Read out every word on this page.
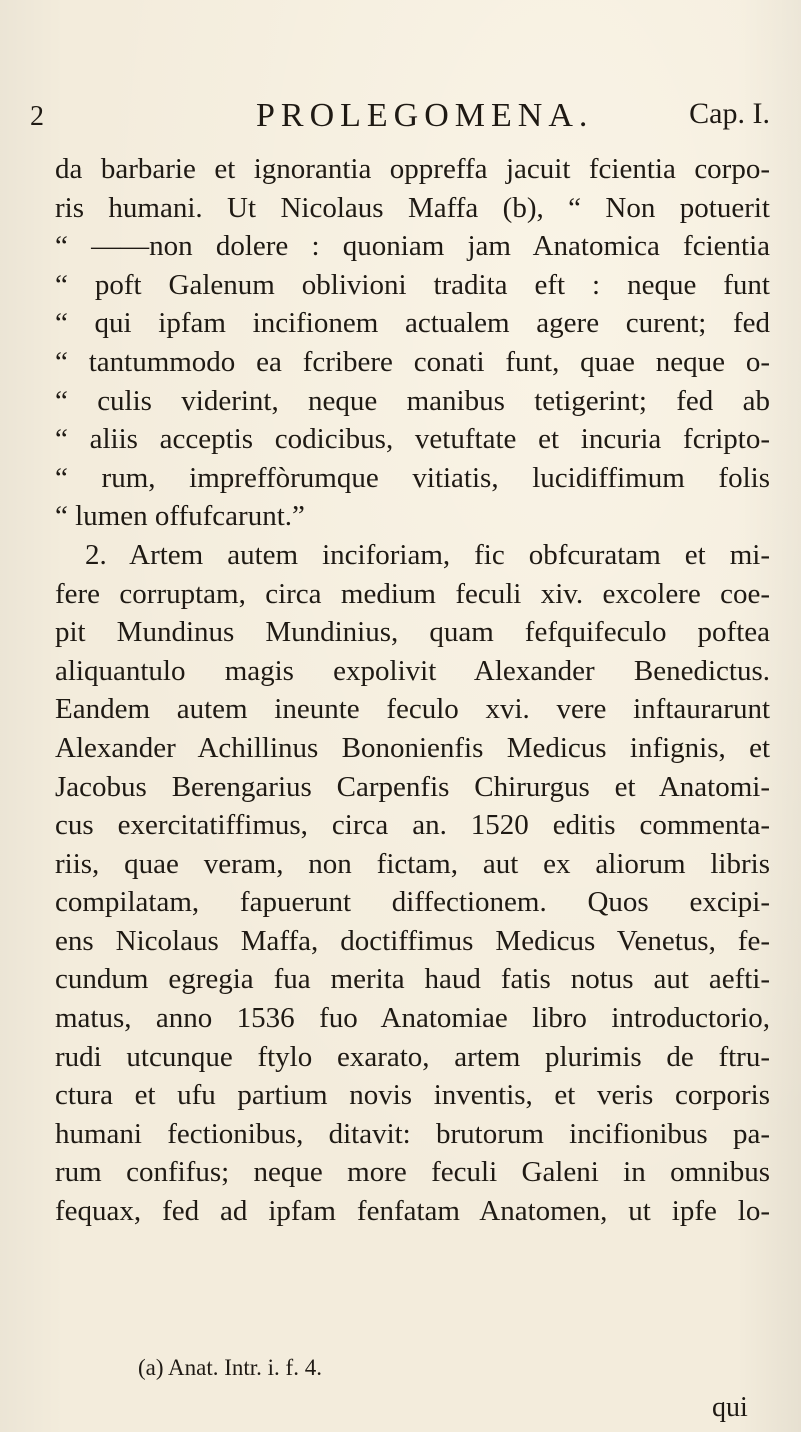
2	PROLEGOMENA.	Cap. I.
da barbarie et ignorantia oppreffa jacuit fcientia corpo-
ris humani. Ut Nicolaus Maffa (b), “ Non potuerit
“ ——non dolere : quoniam jam Anatomica fcientia
“ poft Galenum oblivioni tradita eft : neque funt
“ qui ipfam incifionem actualem agere curent; fed
“ tantummodo ea fcribere conati funt, quae neque o-
“ culis viderint, neque manibus tetigerint; fed ab
“ aliis acceptis codicibus, vetuftate et incuria fcripto-
“ rum, impreffòrumque vitiatis, lucidiffimum folis
“ lumen offufcarunt.”
2. Artem autem inciforiam, fic obfcuratam et mi-
fere corruptam, circa medium feculi xiv. excolere coe-
pit Mundinus Mundinius, quam fefquifeculo poftea
aliquantulo magis expolivit Alexander Benedictus.
Eandem autem ineunte feculo xvi. vere inftaurarunt
Alexander Achillinus Bononienfis Medicus infignis, et
Jacobus Berengarius Carpenfis Chirurgus et Anatomi-
cus exercitatiffimus, circa an. 1520 editis commenta-
riis, quae veram, non fictam, aut ex aliorum libris
compilatam, fapuerunt diffectionem. Quos excipi-
ens Nicolaus Maffa, doctiffimus Medicus Venetus, fe-
cundum egregia fua merita haud fatis notus aut aefti-
matus, anno 1536 fuo Anatomiae libro introductorio,
rudi utcunque ftylo exarato, artem plurimis de ftru-
ctura et ufu partium novis inventis, et veris corporis
humani fectionibus, ditavit: brutorum incifionibus pa-
rum confifus; neque more feculi Galeni in omnibus
fequax, fed ad ipfam fenfatam Anatomen, ut ipfe lo-
(a) Anat. Intr. i. f. 4.
qui
